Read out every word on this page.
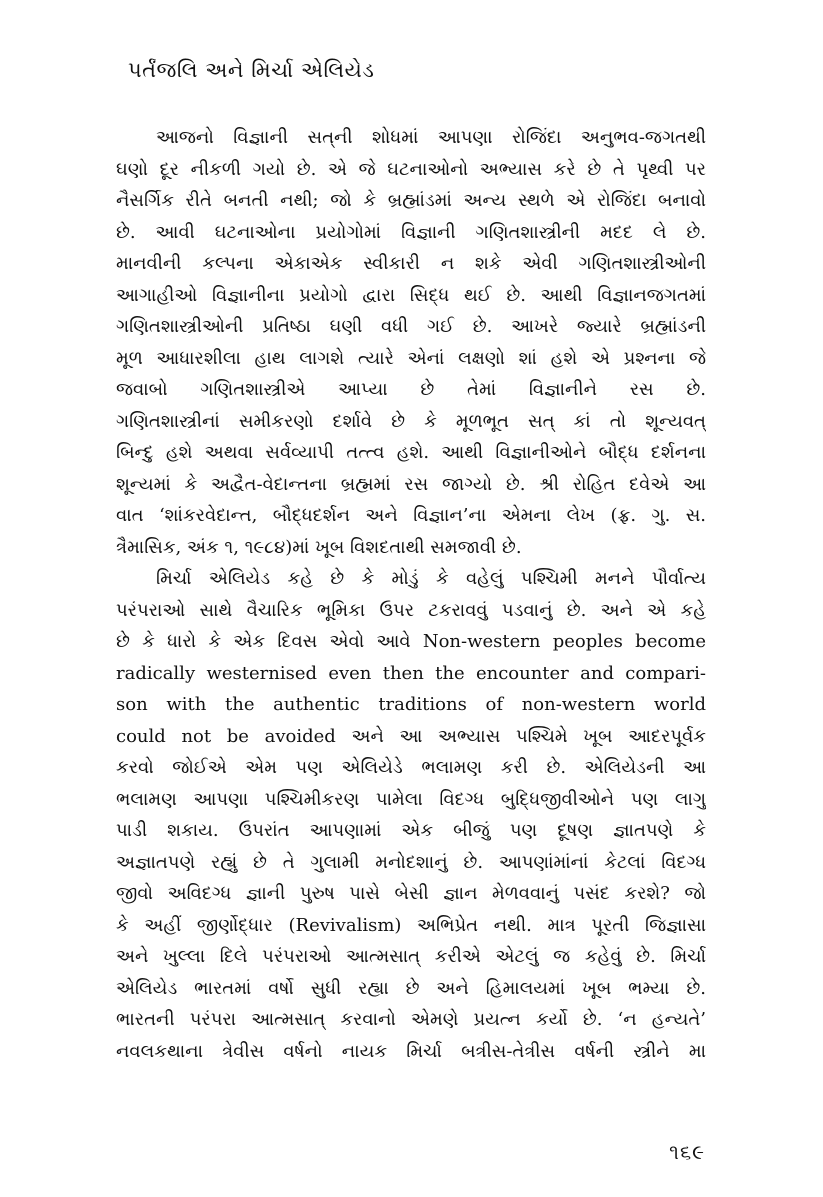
પર્તંજલિ અને મિર્ચા એલિયેડ
આજનો વિજ્ઞાની સત્‌ની શોધમાં આપણા રોજિંદા અનુભવ-જગતથી
ઘણો દૂર નીકળી ગયો છે. એ જે ઘટનાઓનો અભ્યાસ કરે છે તે પૃથ્વી પર
નૈસર્ગિક રીતે બનતી નથી; જો કે બ્રહ્માંડમાં અન્ય સ્થળે એ રોજિંદા બનાવો
છે. આવી ઘટનાઓના પ્રયોગોમાં વિજ્ઞાની ગણિતશાસ્ત્રીની મદદ લે છે.
માનવીની કલ્પના એકાએક સ્વીકારી ન શકે એવી ગણિતશાસ્ત્રીઓની
આગાહીઓ વિજ્ઞાનીના પ્રયોગો દ્વારા સિદ્ધ થઈ છે. આથી વિજ્ઞાનજગતમાં
ગણિતશાસ્ત્રીઓની પ્રતિષ્ઠા ઘણી વધી ગઈ છે. આખરે જ્યારે બ્રહ્માંડની
મૂળ આધારશીલા હાથ લાગશે ત્યારે એનાં લક્ષણો શાં હશે એ પ્રશ્નના જે
જવાબો ગણિતશાસ્ત્રીએ આપ્યા છે તેમાં વિજ્ઞાનીને રસ છે.
ગણિતશાસ્ત્રીનાં સમીકરણો દર્શાવે છે કે મૂળભૂત સત્‌ કાં તો શૂન્યવત્‌
બિન્દુ હશે અથવા સર્વવ્યાપી તત્ત્વ હશે. આથી વિજ્ઞાનીઓને બૌદ્ધ દર્શનના
શૂન્યમાં કે અદ્વૈત-વેદાન્તના બ્રહ્મમાં રસ જાગ્યો છે. શ્રી રોહિત દવેએ આ
વાત ‘શાંકરવેદાન્ત, બૌદ્ધદર્શન અને વિજ્ઞાન’ના એમના લેખ (ફ્ર. ગુ. સ.
ત્રૈમાસિક, અંક ૧, ૧૯૮૪)માં ખૂબ વિશદતાથી સમજાવી છે.
મિર્ચા એલિયેડ કહે છે કે મોડું કે વહેલું પશ્ચિમી મનને પૌર્વાત્ય
પરંપરાઓ સાથે વૈચારિક ભૂમિકા ઉપર ટકરાવવું પડવાનું છે. અને એ કહે
છે કે ધારો કે એક દિવસ એવો આવે Non-western peoples become
radically westernised even then the encounter and compari-
son with the authentic traditions of non-western world
could not be avoided અને આ અભ્યાસ પશ્ચિમે ખૂબ આદરપૂર્વક
કરવો જોઈએ એમ પણ એલિયેડે ભલામણ કરી છે. એલિયેડની આ
ભલામણ આપણા પશ્ચિમીકરણ પામેલા વિદગ્ધ બુદ્ધિજીવીઓને પણ લાગુ
પાડી શકાય. ઉપરાંત આપણામાં એક બીજું પણ દૂષણ જ્ઞાતપણે કે
અજ્ઞાતપણે રહ્યું છે તે ગુલામી મનોદશાનું છે. આપણાંમાંનાં કેટલાં વિદગ્ધ
જીવો અવિદગ્ધ જ્ઞાની પુરુષ પાસે બેસી જ્ઞાન મેળવવાનું પસંદ કરશે? જો
કે અહીં જીર્ણોદ્ધાર (Revivalism) અભિપ્રેત નથી. માત્ર પૂરતી જિજ્ઞાસા
અને ખુલ્લા દિલે પરંપરાઓ આત્મસાત્‌ કરીએ એટલું જ કહેવું છે. મિર્ચા
એલિયેડ ભારતમાં વર્ષો સુધી રહ્યા છે અને હિમાલયમાં ખૂબ ભમ્યા છે.
ભારતની પરંપરા આત્મસાત્‌ કરવાનો એમણે પ્રયત્ન કર્યો છે. ‘ન હન્યતે’
નવલકથાના ત્રેવીસ વર્ષનો નાયક મિર્ચા બત્રીસ-તેત્રીસ વર્ષની સ્ત્રીને મા
૧૬૯
